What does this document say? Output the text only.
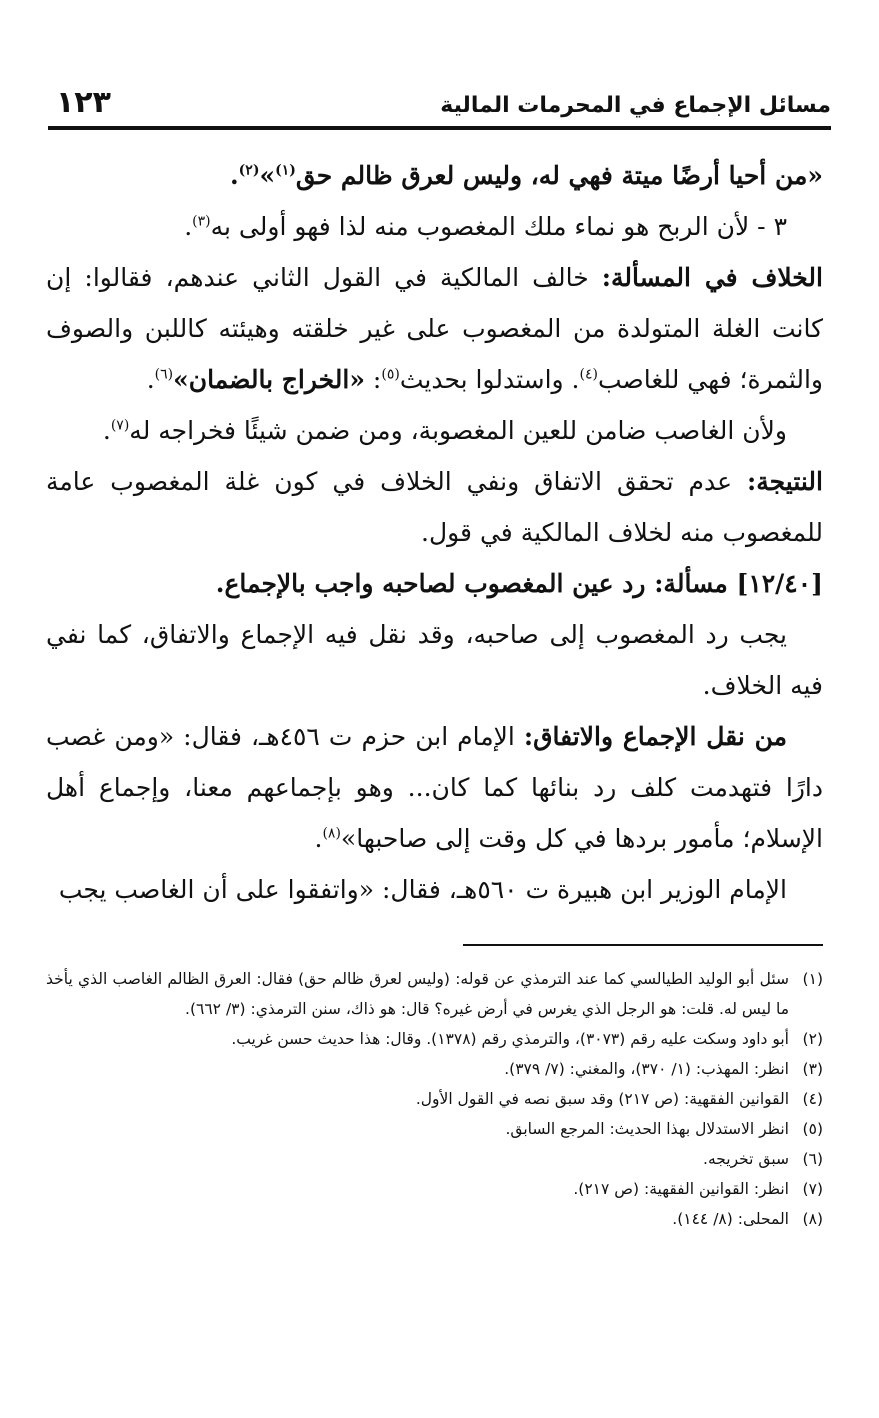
مسائل الإجماع في المحرمات المالية
١٢٣

«من أحيا أرضًا ميتة فهي له، وليس لعرق ظالم حق$^{(١)}$»$^{(٢)}$.

٣ - لأن الربح هو نماء ملك المغصوب منه لذا فهو أولى به$^{(٣)}$.

الخلاف في المسألة: خالف المالكية في القول الثاني عندهم، فقالوا: إن كانت الغلة المتولدة من المغصوب على غير خلقته وهيئته كاللبن والصوف والثمرة؛ فهي للغاصب$^{(٤)}$. واستدلوا بحديث$^{(٥)}$: «الخراج بالضمان»$^{(٦)}$.

ولأن الغاصب ضامن للعين المغصوبة، ومن ضمن شيئًا فخراجه له$^{(٧)}$.

النتيجة: عدم تحقق الاتفاق ونفي الخلاف في كون غلة المغصوب عامة للمغصوب منه لخلاف المالكية في قول.

[١٢/٤٠] مسألة: رد عين المغصوب لصاحبه واجب بالإجماع.

يجب رد المغصوب إلى صاحبه، وقد نقل فيه الإجماع والاتفاق، كما نفي فيه الخلاف.

من نقل الإجماع والاتفاق: الإمام ابن حزم ت ٤٥٦هـ، فقال: «ومن غصب دارًا فتهدمت كلف رد بنائها كما كان... وهو بإجماعهم معنا، وإجماع أهل الإسلام؛ مأمور بردها في كل وقت إلى صاحبها»$^{(٨)}$.

الإمام الوزير ابن هبيرة ت ٥٦٠هـ، فقال: «واتفقوا على أن الغاصب يجب

(١)
سئل أبو الوليد الطيالسي كما عند الترمذي عن قوله: (وليس لعرق ظالم حق) فقال: العرق الظالم الغاصب الذي يأخذ ما ليس له. قلت: هو الرجل الذي يغرس في أرض غيره؟ قال: هو ذاك، سنن الترمذي: (٣/ ٦٦٢).
(٢)
أبو داود وسكت عليه رقم (٣٠٧٣)، والترمذي رقم (١٣٧٨). وقال: هذا حديث حسن غريب.
(٣)
انظر: المهذب: (١/ ٣٧٠)، والمغني: (٧/ ٣٧٩).
(٤)
القوانين الفقهية: (ص ٢١٧) وقد سبق نصه في القول الأول.
(٥)
انظر الاستدلال بهذا الحديث: المرجع السابق.
(٦)
سبق تخريجه.
(٧)
انظر: القوانين الفقهية: (ص ٢١٧).
(٨)
المحلى: (٨/ ١٤٤).
